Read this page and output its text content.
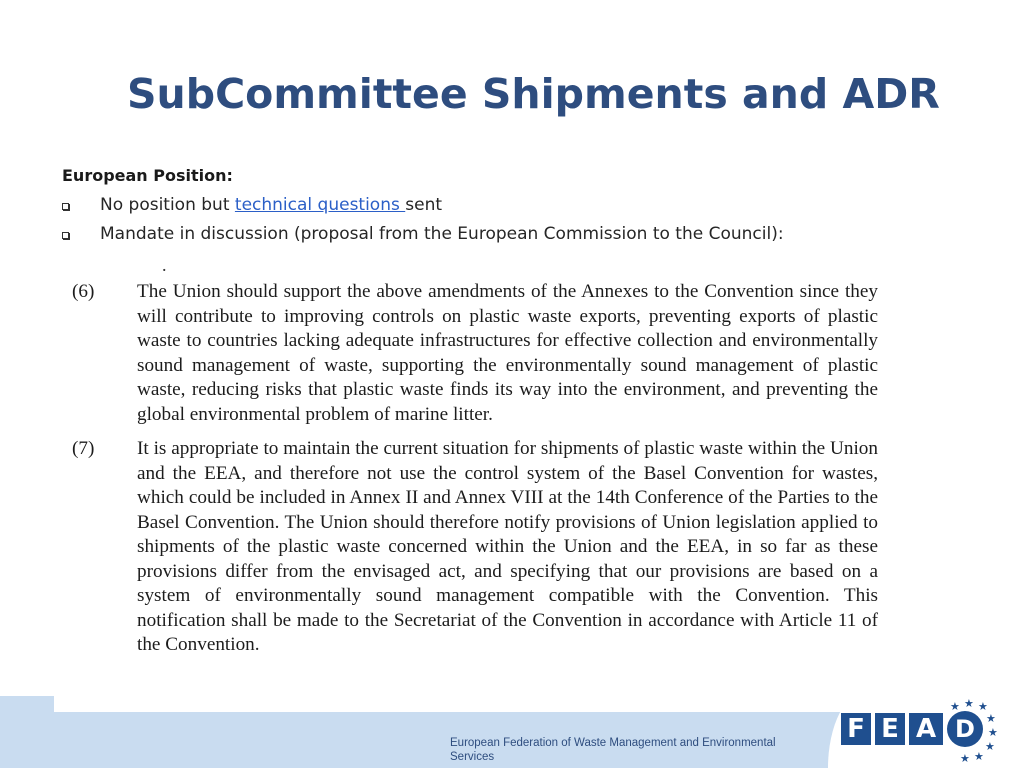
SubCommittee Shipments and ADR
European Position:
No position but technical questions sent
Mandate in discussion (proposal from the European Commission to the Council):
.
(6)	The Union should support the above amendments of the Annexes to the Convention since they will contribute to improving controls on plastic waste exports, preventing exports of plastic waste to countries lacking adequate infrastructures for effective collection and environmentally sound management of waste, supporting the environmentally sound management of plastic waste, reducing risks that plastic waste finds its way into the environment, and preventing the global environmental problem of marine litter.
(7)	It is appropriate to maintain the current situation for shipments of plastic waste within the Union and the EEA, and therefore not use the control system of the Basel Convention for wastes, which could be included in Annex II and Annex VIII at the 14th Conference of the Parties to the Basel Convention. The Union should therefore notify provisions of Union legislation applied to shipments of the plastic waste concerned within the Union and the EEA, in so far as these provisions differ from the envisaged act, and specifying that our provisions are based on a system of environmentally sound management compatible with the Convention. This notification shall be made to the Secretariat of the Convention in accordance with Article 11 of the Convention.
European Federation of Waste Management and Environmental Services
F E A D
★ ★ ★
★
★
★
★
★
